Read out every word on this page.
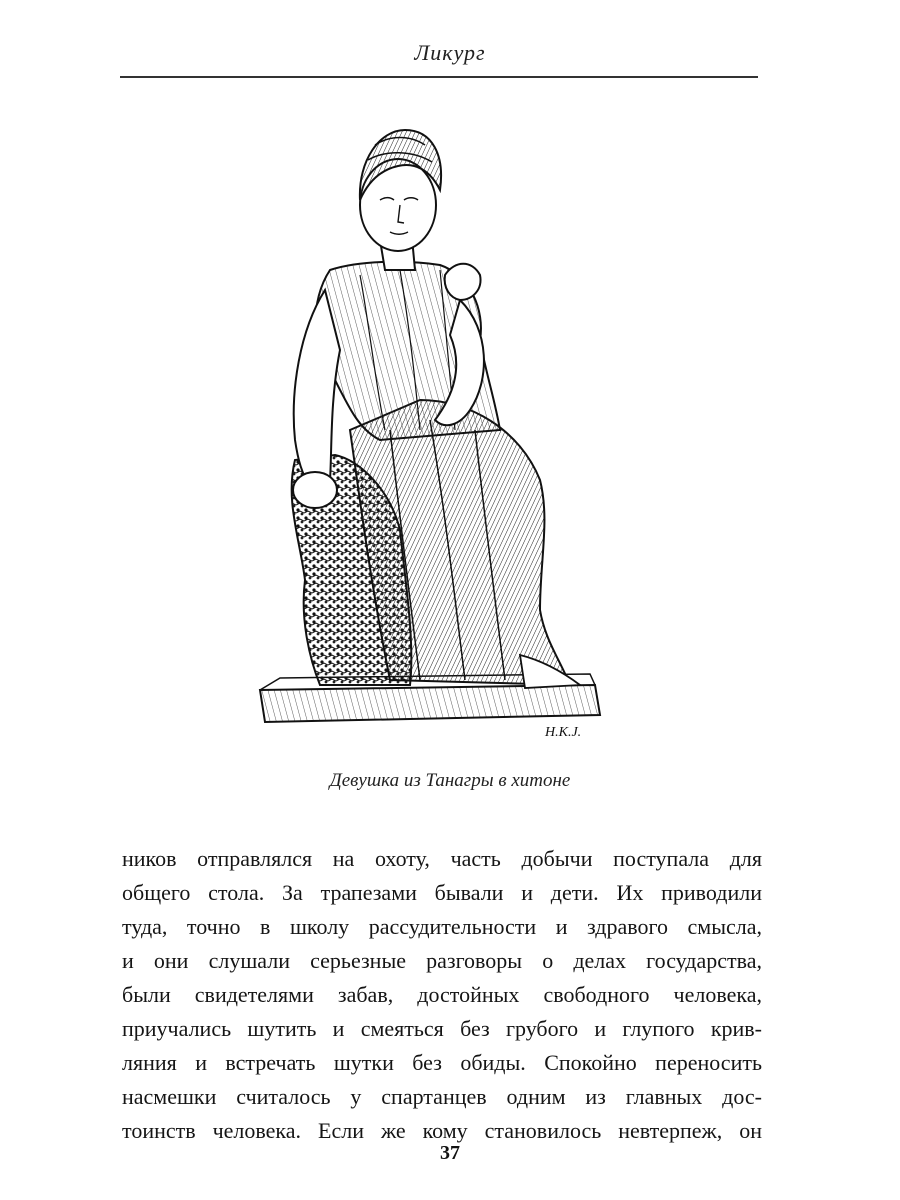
Ликург
H.K.J.
Девушка из Танагры в хитоне
ников отправлялся на охоту, часть добычи поступала для
общего стола. За трапезами бывали и дети. Их приводили
туда, точно в школу рассудительности и здравого смысла,
и они слушали серьезные разговоры о делах государства,
были свидетелями забав, достойных свободного человека,
приучались шутить и смеяться без грубого и глупого крив-
ляния и встречать шутки без обиды. Спокойно переносить
насмешки считалось у спартанцев одним из главных дос-
тоинств человека. Если же кому становилось невтерпеж, он
37
